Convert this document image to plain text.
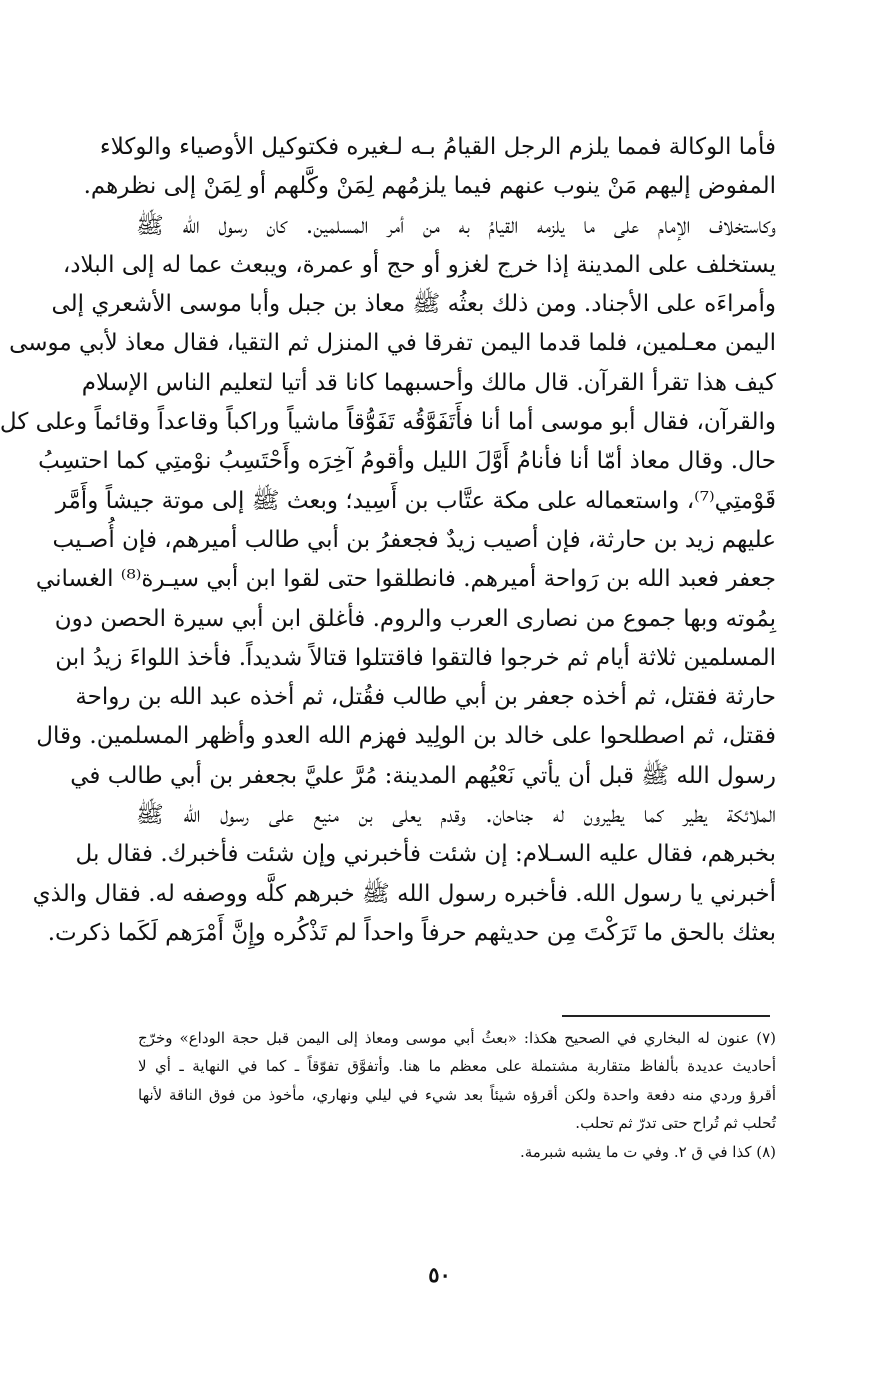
فأما الوكالة فمما يلزم الرجل القيامُ بـه لـغيره فكتوكيل الأوصياء والوكلاء
المفوض إليهم مَنْ ينوب عنهم فيما يلزمُهم لِمَنْ وكَّلهم أو لِمَنْ إلى نظرهم.
وكاستخلاف الإمام على ما يلزمه القيامُ به من أمر المسلمين. كان رسول الله ﷺ
يستخلف على المدينة إذا خرج لغزو أو حج أو عمرة، ويبعث عما له إلى البلاد،
وأمراءَه على الأجناد. ومن ذلك بعثُه ﷺ معاذ بن جبل وأبا موسى الأشعري إلى
اليمن معـلمين، فلما قدما اليمن تفرقا في المنزل ثم التقيا، فقال معاذ لأبي موسى
كيف هذا تقرأ القرآن. قال مالك وأحسبهما كانا قد أتيا لتعليم الناس الإسلام
والقرآن، فقال أبو موسى أما أنا فأَتَفَوَّقُه تَفَوُّقاً ماشياً وراكباً وقاعداً وقائماً وعلى كل
حال. وقال معاذ أمّا أنا فأنامُ أَوَّلَ الليل وأقومُ آخِرَه وأَحْتَسِبُ نوْمتِي كما احتسِبُ
قَوْمتِي⁽⁷⁾، واستعماله على مكة عتَّاب بن أَسِيد؛ وبعث ﷺ إلى موتة جيشاً وأَمَّر
عليهم زيد بن حارثة، فإن أصيب زيدٌ فجعفرُ بن أبي طالب أميرهم، فإن أُصـيب
جعفر فعبد الله بن رَواحة أميرهم. فانطلقوا حتى لقوا ابن أبي سيـرة⁽⁸⁾ الغساني
بِمُوته وبها جموع من نصارى العرب والروم. فأغلق ابن أبي سيرة الحصن دون
المسلمين ثلاثة أيام ثم خرجوا فالتقوا فاقتتلوا قتالاً شديداً. فأخذ اللواءَ زيدُ ابن
حارثة فقتل، ثم أخذه جعفر بن أبي طالب فقُتل، ثم أخذه عبد الله بن رواحة
فقتل، ثم اصطلحوا على خالد بن الولِيد فهزم الله العدو وأظهر المسلمين. وقال
رسول الله ﷺ قبل أن يأتي نَعْيُهم المدينة: مُرَّ عليَّ بجعفر بن أبي طالب في
الملائكة يطير كما يطيرون له جناحان. وقدم يعلى بن منيع على رسول الله ﷺ
بخبرهم، فقال عليه السـلام: إن شئت فأخبرني وإن شئت فأخبرك. فقال بل
أخبرني يا رسول الله. فأخبره رسول الله ﷺ خبرهم كلَّه ووصفه له. فقال والذي
بعثك بالحق ما تَرَكْتَ مِن حديثهم حرفاً واحداً لم تَذْكُره وإِنَّ أَمْرَهم لَكَما ذكرت.
(٧) عنون له البخاري في الصحيح هكذا: «بعثُ أبي موسى ومعاذ إلى اليمن قبل حجة الوداع» وخرّج
أحاديث عديدة بألفاظ متقاربة مشتملة على معظم ما هنا. وأتفوَّق تفوّقاً ـ كما في النهاية ـ أي لا
أقرؤ وردي منه دفعة واحدة ولكن أقرؤه شيئاً بعد شيء في ليلي ونهاري، مأخوذ من فوق الناقة لأنها
تُحلب ثم تُراح حتى تدرّ ثم تحلب.
(٨) كذا في ق ٢. وفي ت ما يشبه شبرمة.
٥٠
